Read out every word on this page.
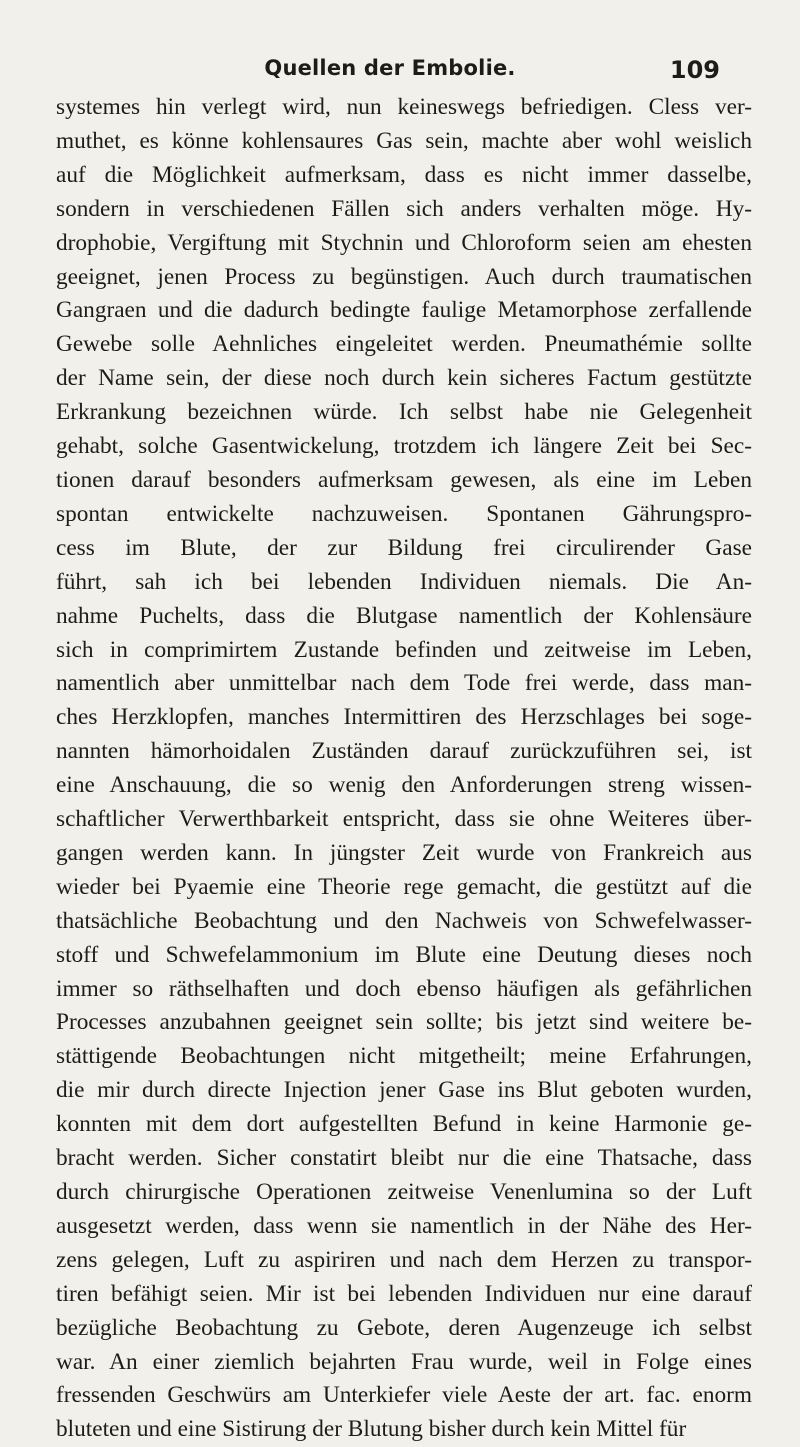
Quellen der Embolie.	109
systemes hin verlegt wird, nun keineswegs befriedigen. Cless ver-
muthet, es könne kohlensaures Gas sein, machte aber wohl weislich
auf die Möglichkeit aufmerksam, dass es nicht immer dasselbe,
sondern in verschiedenen Fällen sich anders verhalten möge. Hy-
drophobie, Vergiftung mit Stychnin und Chloroform seien am ehesten
geeignet, jenen Process zu begünstigen. Auch durch traumatischen
Gangraen und die dadurch bedingte faulige Metamorphose zerfallende
Gewebe solle Aehnliches eingeleitet werden. Pneumathémie sollte
der Name sein, der diese noch durch kein sicheres Factum gestützte
Erkrankung bezeichnen würde. Ich selbst habe nie Gelegenheit
gehabt, solche Gasentwickelung, trotzdem ich längere Zeit bei Sec-
tionen darauf besonders aufmerksam gewesen, als eine im Leben
spontan entwickelte nachzuweisen. Spontanen Gährungspro-
cess im Blute, der zur Bildung frei circulirender Gase
führt, sah ich bei lebenden Individuen niemals. Die An-
nahme Puchelts, dass die Blutgase namentlich der Kohlensäure
sich in comprimirtem Zustande befinden und zeitweise im Leben,
namentlich aber unmittelbar nach dem Tode frei werde, dass man-
ches Herzklopfen, manches Intermittiren des Herzschlages bei soge-
nannten hämorhoidalen Zuständen darauf zurückzuführen sei, ist
eine Anschauung, die so wenig den Anforderungen streng wissen-
schaftlicher Verwerthbarkeit entspricht, dass sie ohne Weiteres über-
gangen werden kann. In jüngster Zeit wurde von Frankreich aus
wieder bei Pyaemie eine Theorie rege gemacht, die gestützt auf die
thatsächliche Beobachtung und den Nachweis von Schwefelwasser-
stoff und Schwefelammonium im Blute eine Deutung dieses noch
immer so räthselhaften und doch ebenso häufigen als gefährlichen
Processes anzubahnen geeignet sein sollte; bis jetzt sind weitere be-
stättigende Beobachtungen nicht mitgetheilt; meine Erfahrungen,
die mir durch directe Injection jener Gase ins Blut geboten wurden,
konnten mit dem dort aufgestellten Befund in keine Harmonie ge-
bracht werden. Sicher constatirt bleibt nur die eine Thatsache, dass
durch chirurgische Operationen zeitweise Venenlumina so der Luft
ausgesetzt werden, dass wenn sie namentlich in der Nähe des Her-
zens gelegen, Luft zu aspiriren und nach dem Herzen zu transpor-
tiren befähigt seien. Mir ist bei lebenden Individuen nur eine darauf
bezügliche Beobachtung zu Gebote, deren Augenzeuge ich selbst
war. An einer ziemlich bejahrten Frau wurde, weil in Folge eines
fressenden Geschwürs am Unterkiefer viele Aeste der art. fac. enorm
bluteten und eine Sistirung der Blutung bisher durch kein Mittel für
